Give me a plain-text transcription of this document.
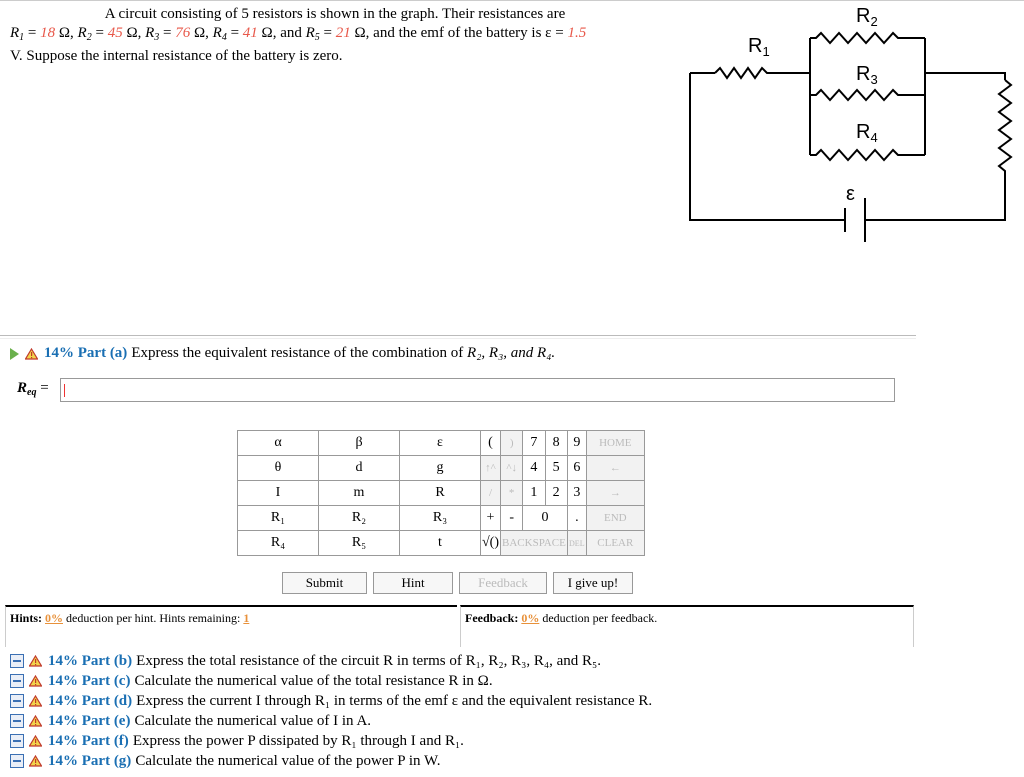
A circuit consisting of 5 resistors is shown in the graph. Their resistances are
$R_1 = 18$ Ω, $R_2 = 45$ Ω, $R_3 = 76$ Ω, $R_4 = 41$ Ω, and $R_5 = 21$ Ω, and the emf of the battery is ε = 1.5
V. Suppose the internal resistance of the battery is zero.	$R_1$
$R_2$
$R_3$
$R_4$
ε
14% Part (a) Express the equivalent resistance of the combination of R₂, R₃, and R₄.
$R_{eq}$ =
α	β	ε	(	)	7	8	9	HOME
θ	d	g	↑^	^↓	4	5	6	←
I	m	R	/	*	1	2	3	→
R₁	R₂	R₃	+	-	0		.	END
R₄	R₅	t	√()	BACKSPACE			DEL	CLEAR
Submit	Hint	Feedback	I give up!
Hints: 0% deduction per hint. Hints remaining: 1	Feedback: 0% deduction per feedback.
14% Part (b) Express the total resistance of the circuit R in terms of R₁, R₂, R₃, R₄, and R₅.
14% Part (c) Calculate the numerical value of the total resistance R in Ω.
14% Part (d) Express the current I through R₁ in terms of the emf ε and the equivalent resistance R.
14% Part (e) Calculate the numerical value of I in A.
14% Part (f) Express the power P dissipated by R₁ through I and R₁.
14% Part (g) Calculate the numerical value of the power P in W.
